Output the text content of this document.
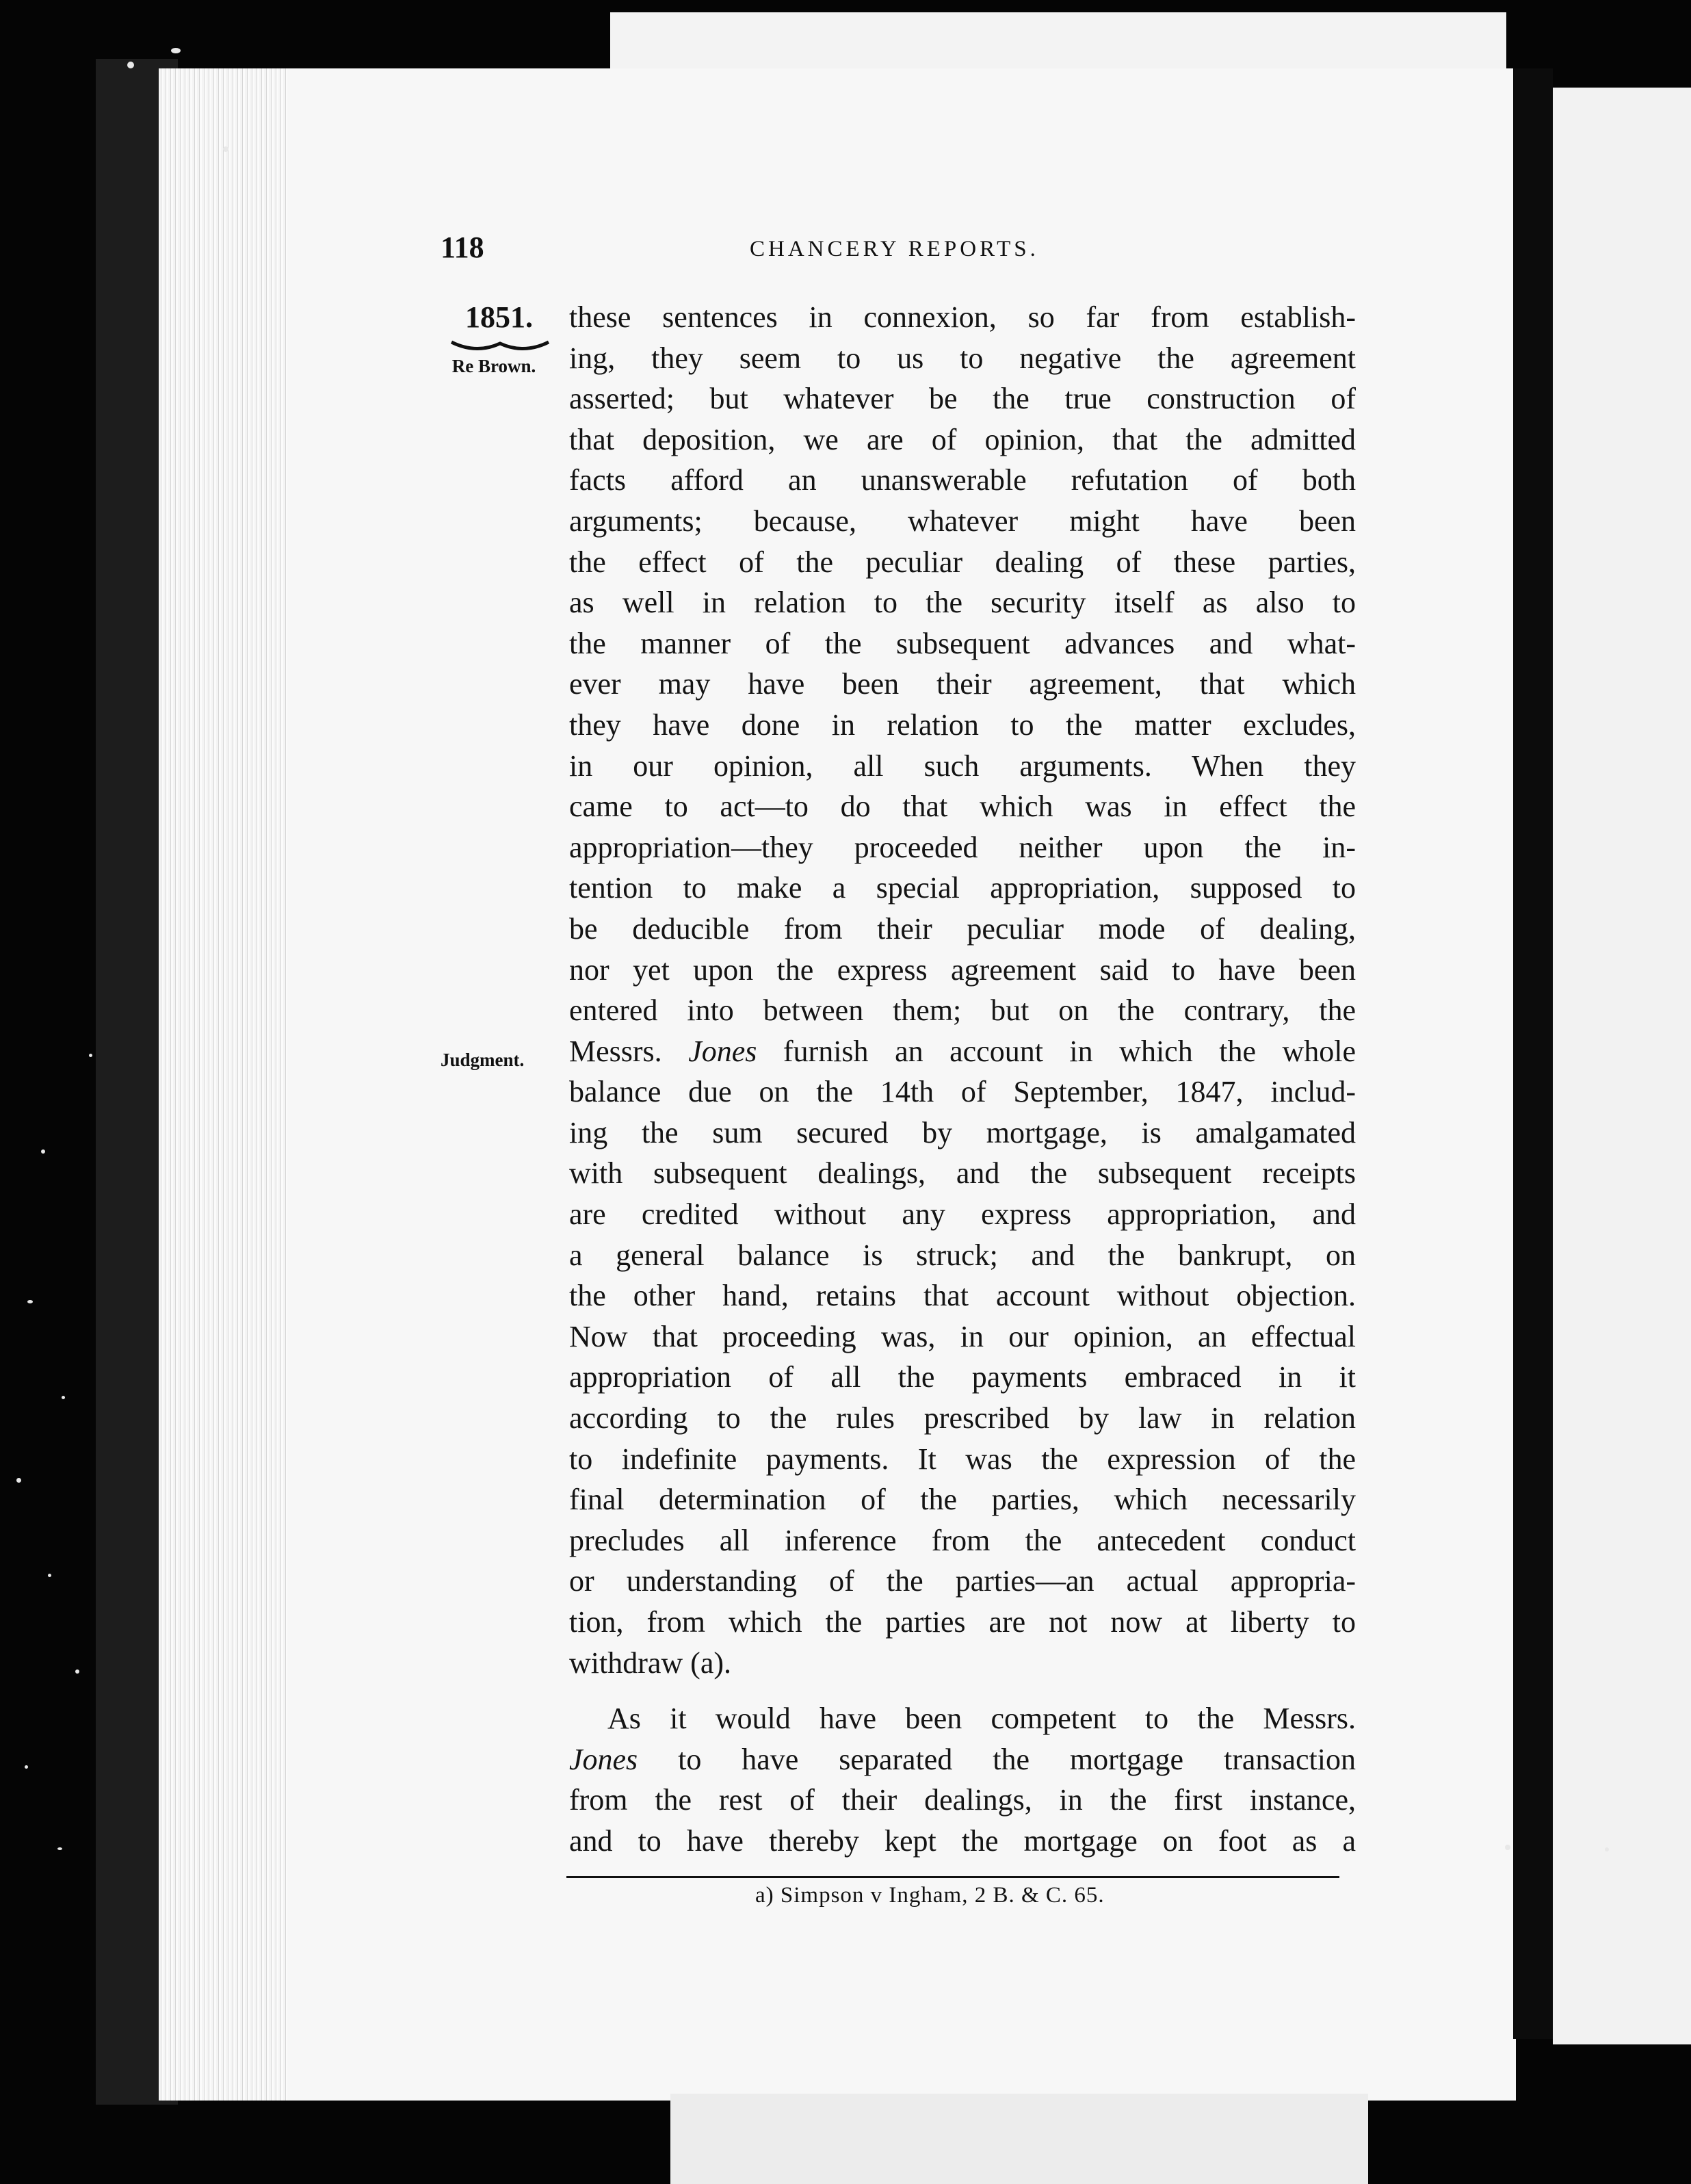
118	CHANCERY REPORTS.
1851.
Re Brown.
Judgment.
these sentences in connexion, so far from establish-
ing, they seem to us to negative the agreement
asserted; but whatever be the true construction of
that deposition, we are of opinion, that the admitted
facts afford an unanswerable refutation of both
arguments; because, whatever might have been
the effect of the peculiar dealing of these parties,
as well in relation to the security itself as also to
the manner of the subsequent advances and what-
ever may have been their agreement, that which
they have done in relation to the matter excludes,
in our opinion, all such arguments. When they
came to act—to do that which was in effect the
appropriation—they proceeded neither upon the in-
tention to make a special appropriation, supposed to
be deducible from their peculiar mode of dealing,
nor yet upon the express agreement said to have been
entered into between them; but on the contrary, the
Messrs. Jones furnish an account in which the whole
balance due on the 14th of September, 1847, includ-
ing the sum secured by mortgage, is amalgamated
with subsequent dealings, and the subsequent receipts
are credited without any express appropriation, and
a general balance is struck; and the bankrupt, on
the other hand, retains that account without objection.
Now that proceeding was, in our opinion, an effectual
appropriation of all the payments embraced in it
according to the rules prescribed by law in relation
to indefinite payments. It was the expression of the
final determination of the parties, which necessarily
precludes all inference from the antecedent conduct
or understanding of the parties—an actual appropria-
tion, from which the parties are not now at liberty to
withdraw (a).
As it would have been competent to the Messrs.
Jones to have separated the mortgage transaction
from the rest of their dealings, in the first instance,
and to have thereby kept the mortgage on foot as a
a) Simpson v Ingham, 2 B. & C. 65.
